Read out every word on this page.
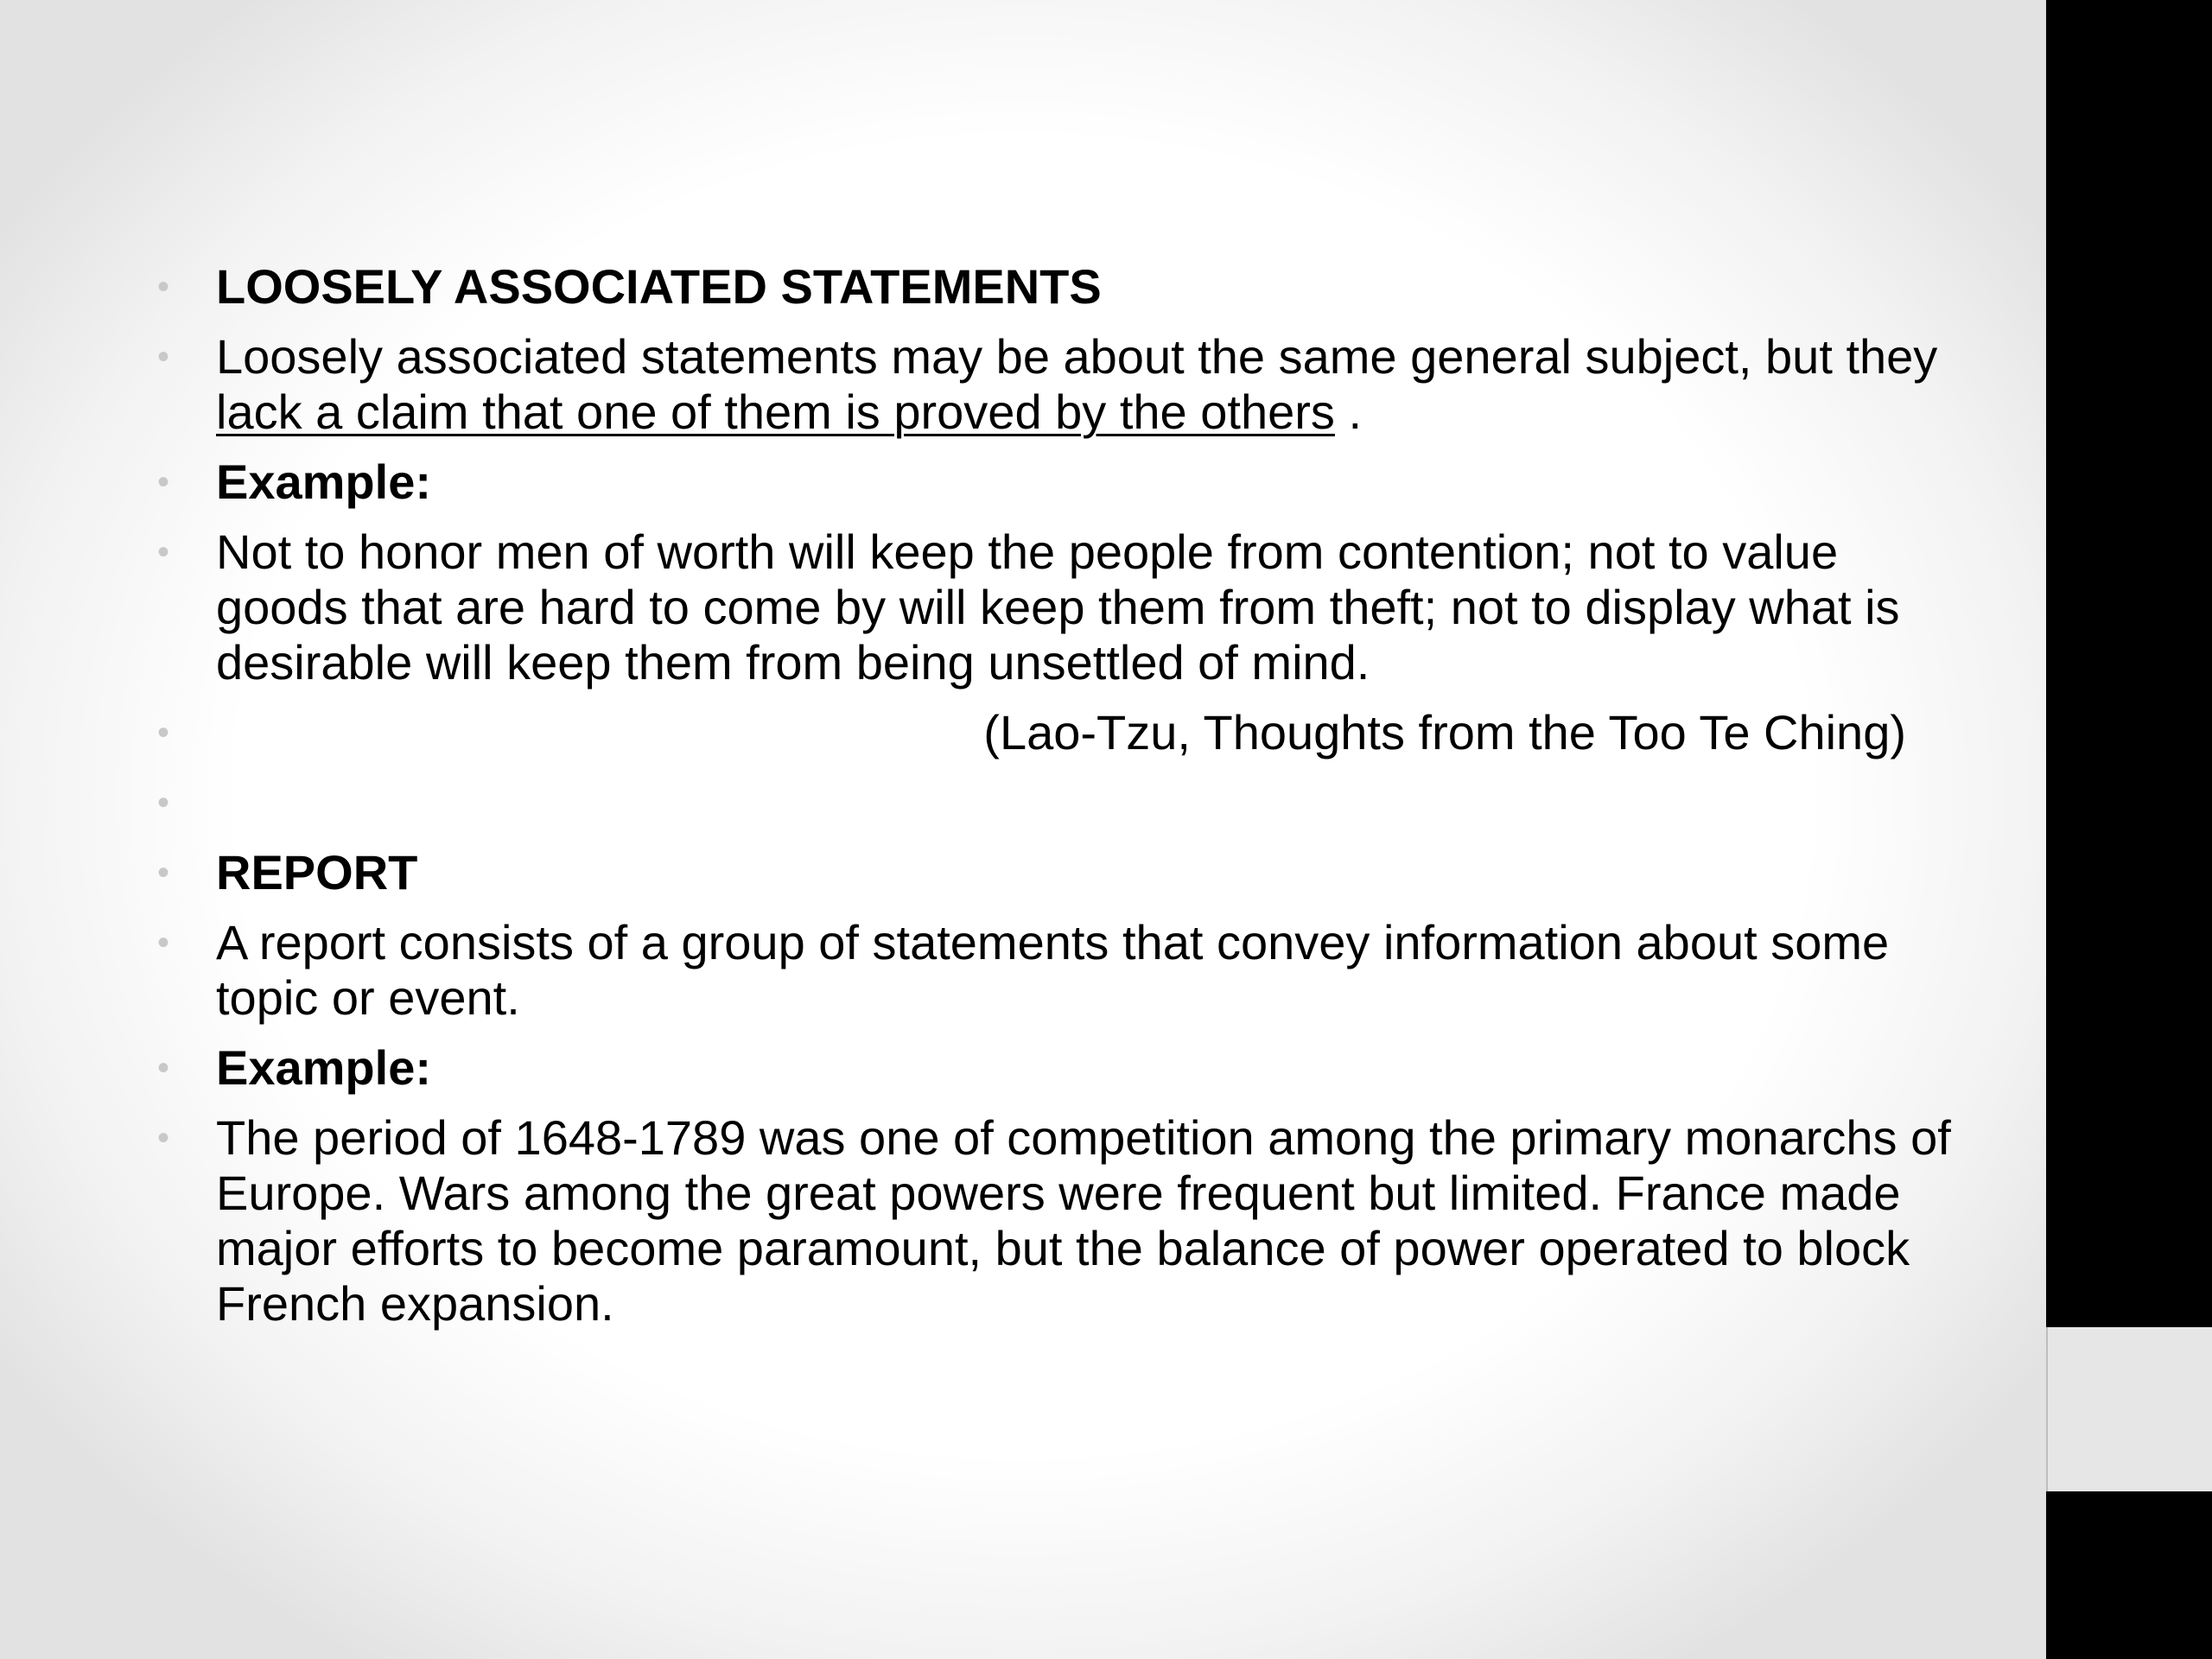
• LOOSELY ASSOCIATED STATEMENTS
• Loosely associated statements may be about the same general subject, but they lack a claim that one of them is proved by the others .
• Example:
• Not to honor men of worth will keep the people from contention; not to value goods that are hard to come by will keep them from theft; not to display what is desirable will keep them from being unsettled of mind.
•	(Lao-Tzu, Thoughts from the Too Te Ching)
•
• REPORT
• A report consists of a group of statements that convey information about some topic or event.
• Example:
• The period of 1648-1789 was one of competition among the primary monarchs of Europe. Wars among the great powers were frequent but limited. France made major efforts to become paramount, but the balance of power operated to block French expansion.
